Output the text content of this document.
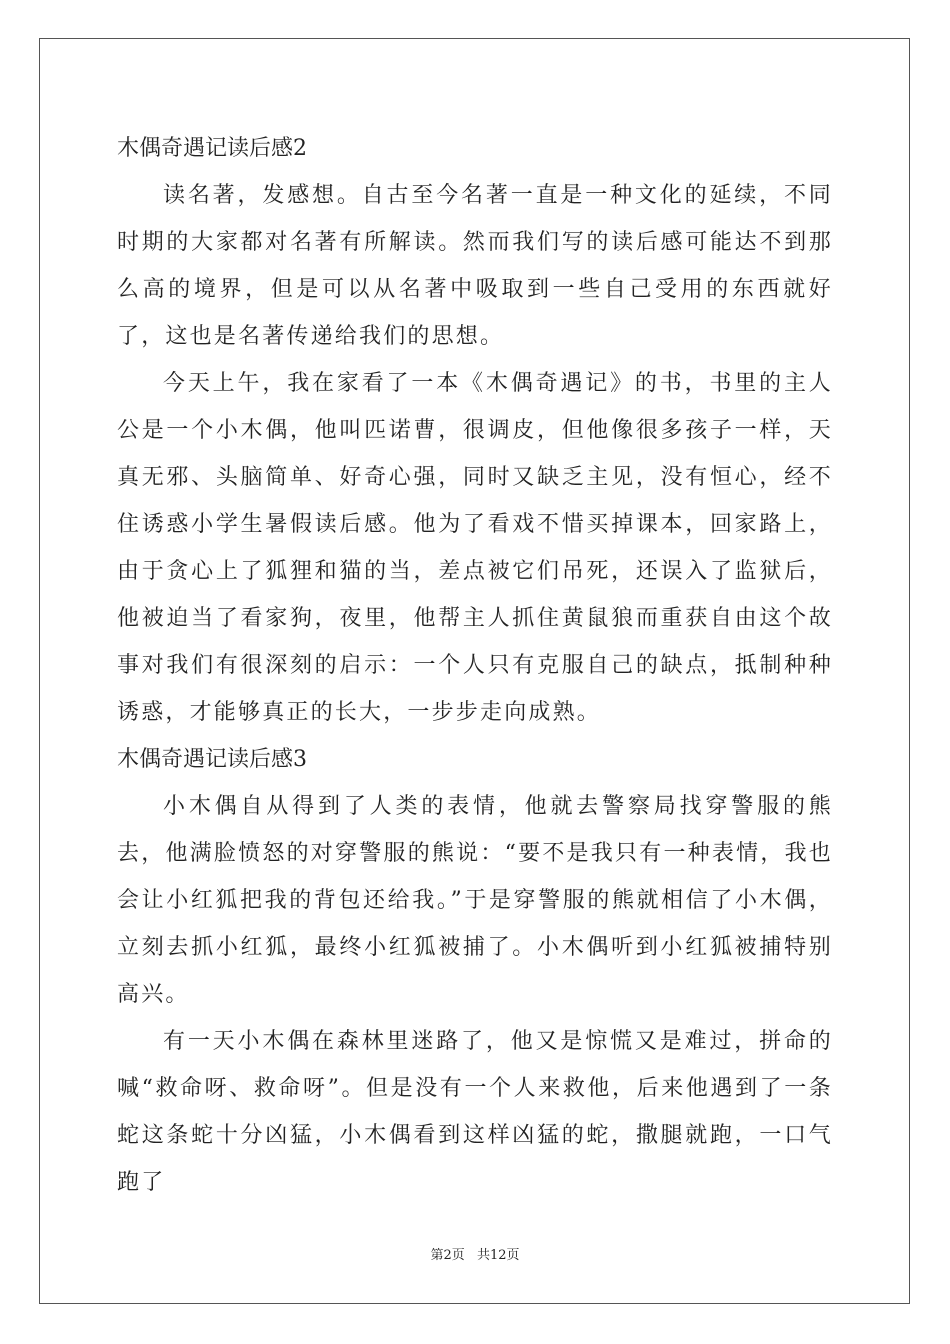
木偶奇遇记读后感2

读名著，发感想。自古至今名著一直是一种文化的延续，不同时期的大家都对名著有所解读。然而我们写的读后感可能达不到那么高的境界，但是可以从名著中吸取到一些自己受用的东西就好了，这也是名著传递给我们的思想。

今天上午，我在家看了一本《木偶奇遇记》的书，书里的主人公是一个小木偶，他叫匹诺曹，很调皮，但他像很多孩子一样，天真无邪、头脑简单、好奇心强，同时又缺乏主见，没有恒心，经不住诱惑小学生暑假读后感。他为了看戏不惜买掉课本，回家路上，由于贪心上了狐狸和猫的当，差点被它们吊死，还误入了监狱后，他被迫当了看家狗，夜里，他帮主人抓住黄鼠狼而重获自由这个故事对我们有很深刻的启示：一个人只有克服自己的缺点，抵制种种诱惑，才能够真正的长大，一步步走向成熟。

木偶奇遇记读后感3

小木偶自从得到了人类的表情，他就去警察局找穿警服的熊去，他满脸愤怒的对穿警服的熊说：“要不是我只有一种表情，我也会让小红狐把我的背包还给我。”于是穿警服的熊就相信了小木偶，立刻去抓小红狐，最终小红狐被捕了。小木偶听到小红狐被捕特别高兴。

有一天小木偶在森林里迷路了，他又是惊慌又是难过，拼命的喊“救命呀、救命呀”。但是没有一个人来救他，后来他遇到了一条蛇这条蛇十分凶猛，小木偶看到这样凶猛的蛇，撒腿就跑，一口气跑了

第2页 共12页
